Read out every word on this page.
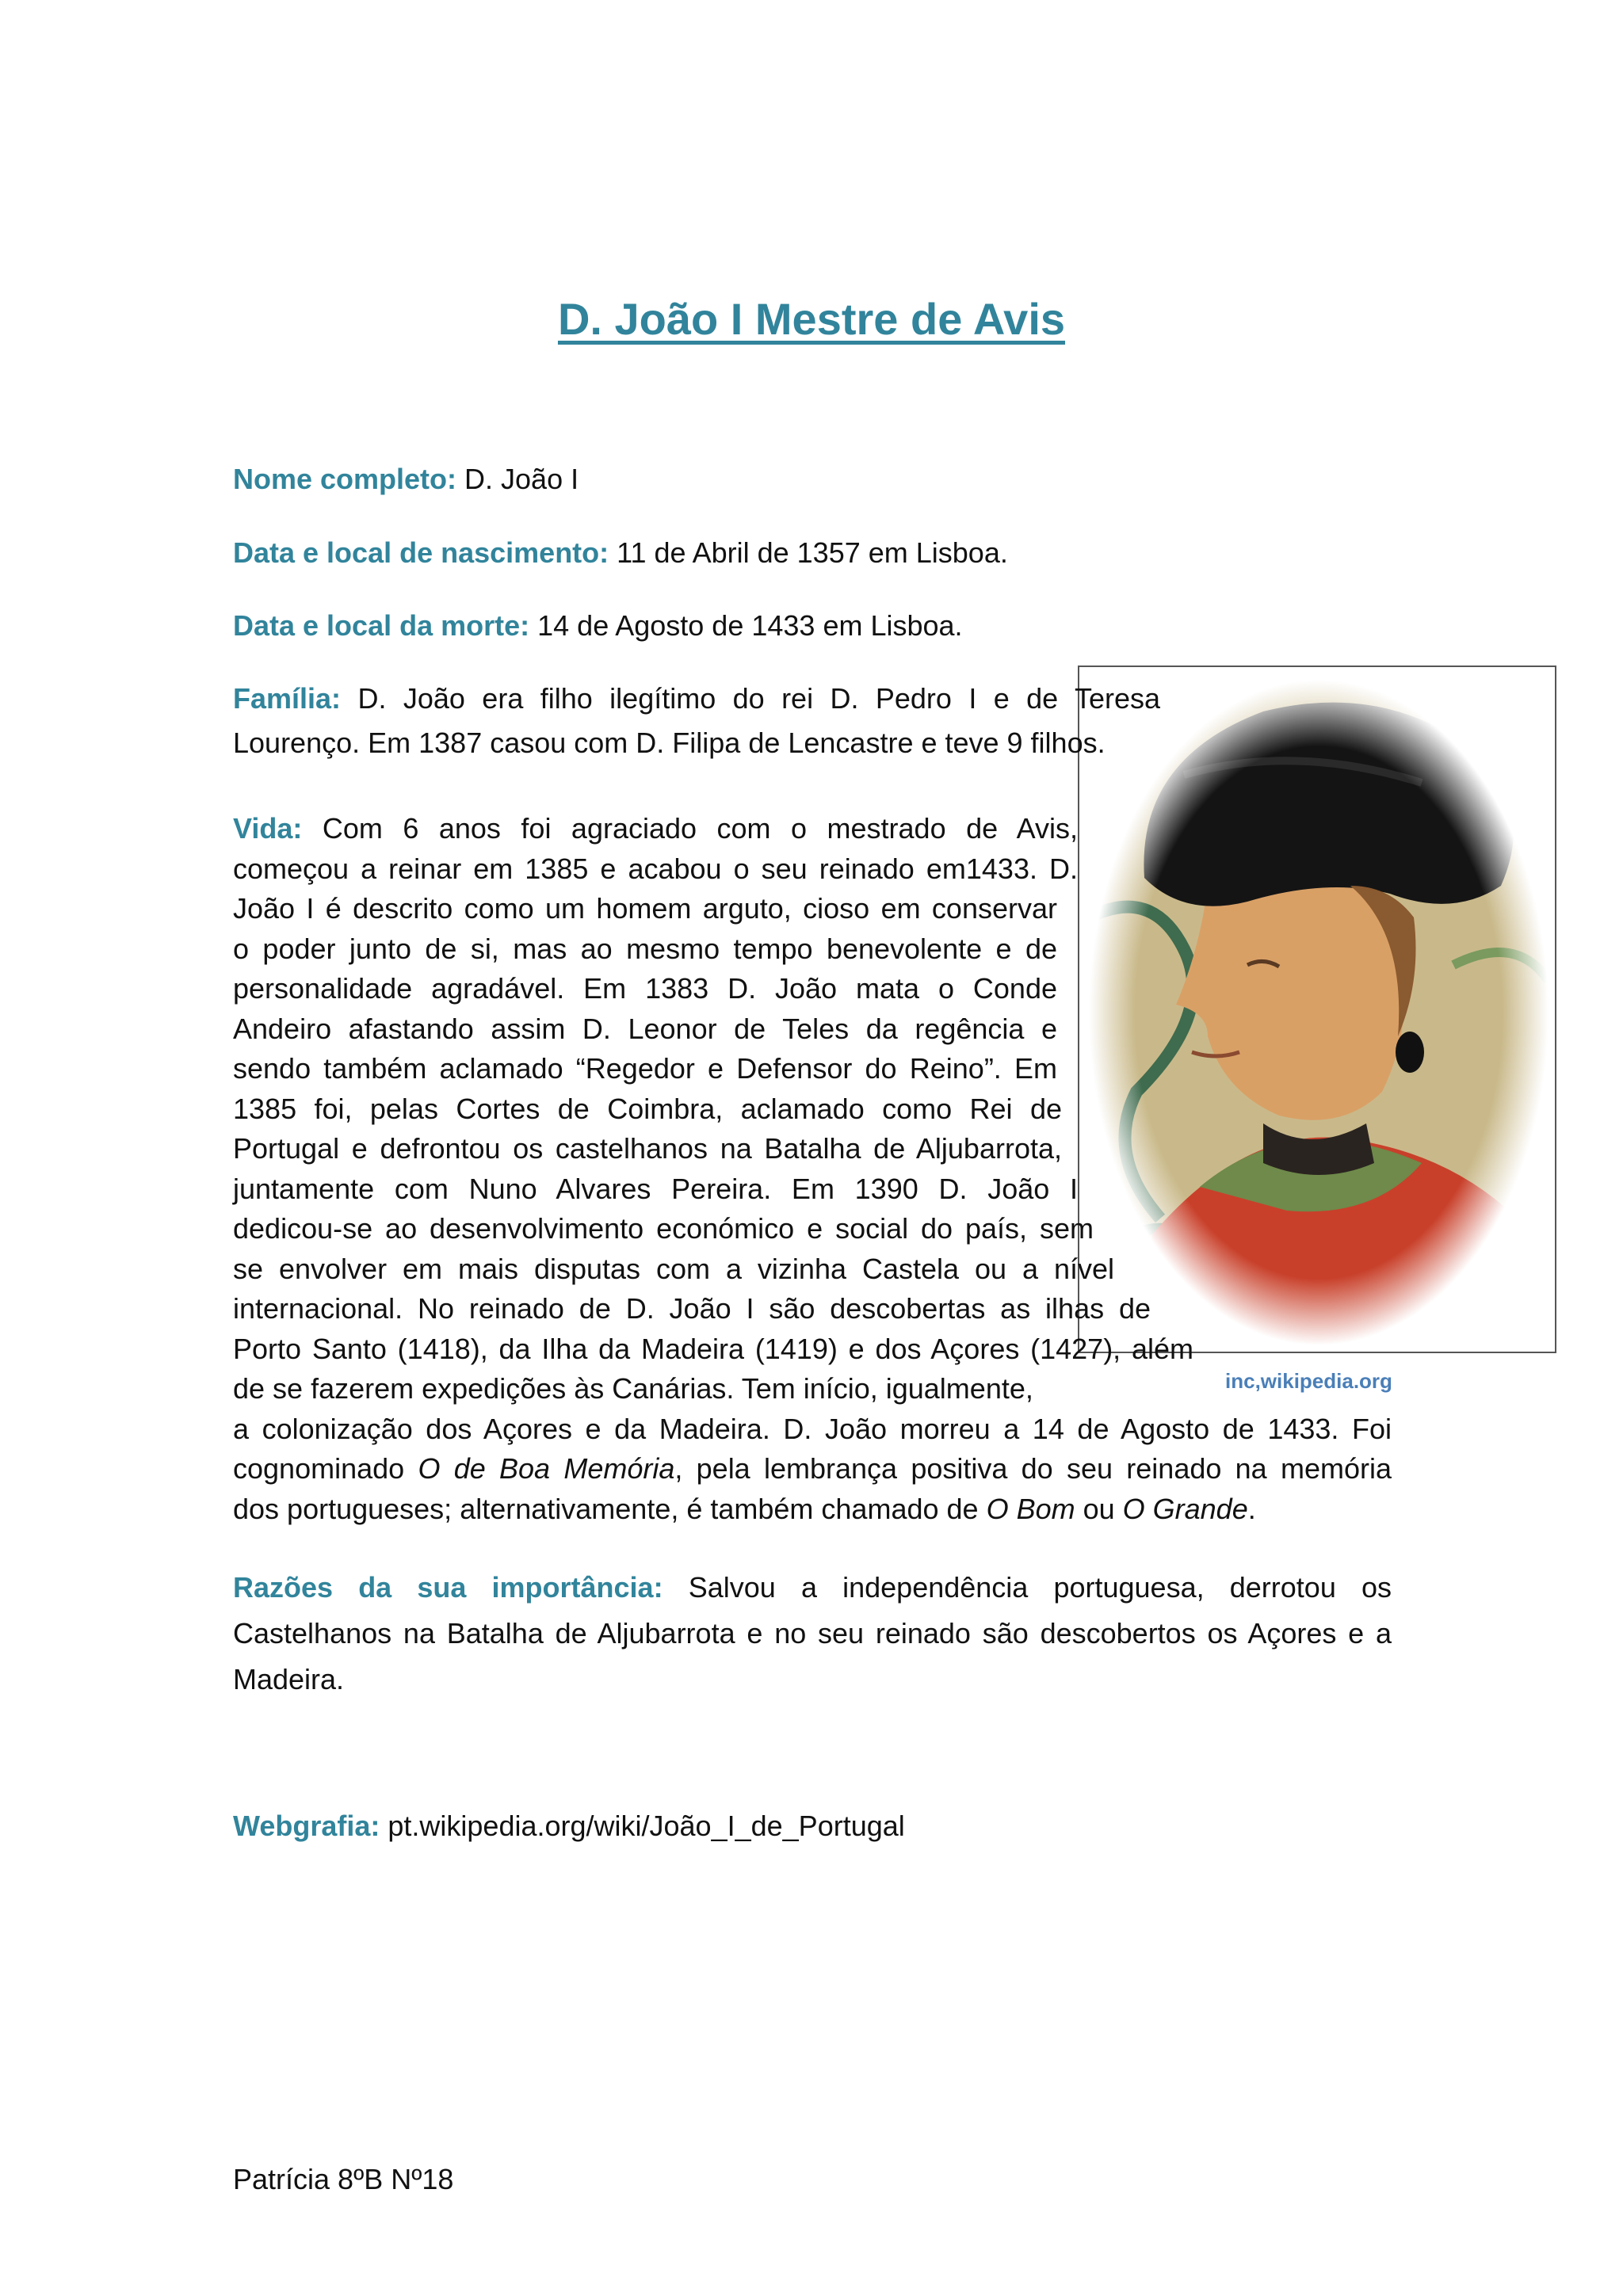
D. João I Mestre de Avis
Nome completo: D. João I
Data e local de nascimento: 11 de Abril de 1357 em Lisboa.
Data e local da morte: 14 de Agosto de 1433 em Lisboa.
Família: D. João era filho ilegítimo do rei D. Pedro I e de Teresa
Lourenço. Em 1387 casou com D. Filipa de Lencastre e teve 9 filhos.
Vida: Com 6 anos foi agraciado com o mestrado de Avis,
começou a reinar em 1385 e acabou o seu reinado em1433. D.
João I é descrito como um homem arguto, cioso em conservar
o poder junto de si, mas ao mesmo tempo benevolente e de
personalidade agradável. Em 1383 D. João mata o Conde
Andeiro afastando assim D. Leonor de Teles da regência e
sendo também aclamado “Regedor e Defensor do Reino”. Em
1385 foi, pelas Cortes de Coimbra, aclamado como Rei de
Portugal e defrontou os castelhanos na Batalha de Aljubarrota,
juntamente com Nuno Alvares Pereira. Em 1390 D. João I
dedicou-se ao desenvolvimento económico e social do país, sem
se envolver em mais disputas com a vizinha Castela ou a nível
internacional. No reinado de D. João I são descobertas as ilhas de
Porto Santo (1418), da Ilha da Madeira (1419) e dos Açores (1427), além
de se fazerem expedições às Canárias. Tem início, igualmente,
a colonização dos Açores e da Madeira. D. João morreu a 14 de Agosto de 1433. Foi
cognominado O de Boa Memória, pela lembrança positiva do seu reinado na memória
dos portugueses; alternativamente, é também chamado de O Bom ou O Grande.
inc,wikipedia.org
Razões da sua importância: Salvou a independência portuguesa, derrotou os
Castelhanos na Batalha de Aljubarrota e no seu reinado são descobertos os Açores e a
Madeira.
Webgrafia: pt.wikipedia.org/wiki/João_I_de_Portugal
Patrícia 8ºB Nº18
